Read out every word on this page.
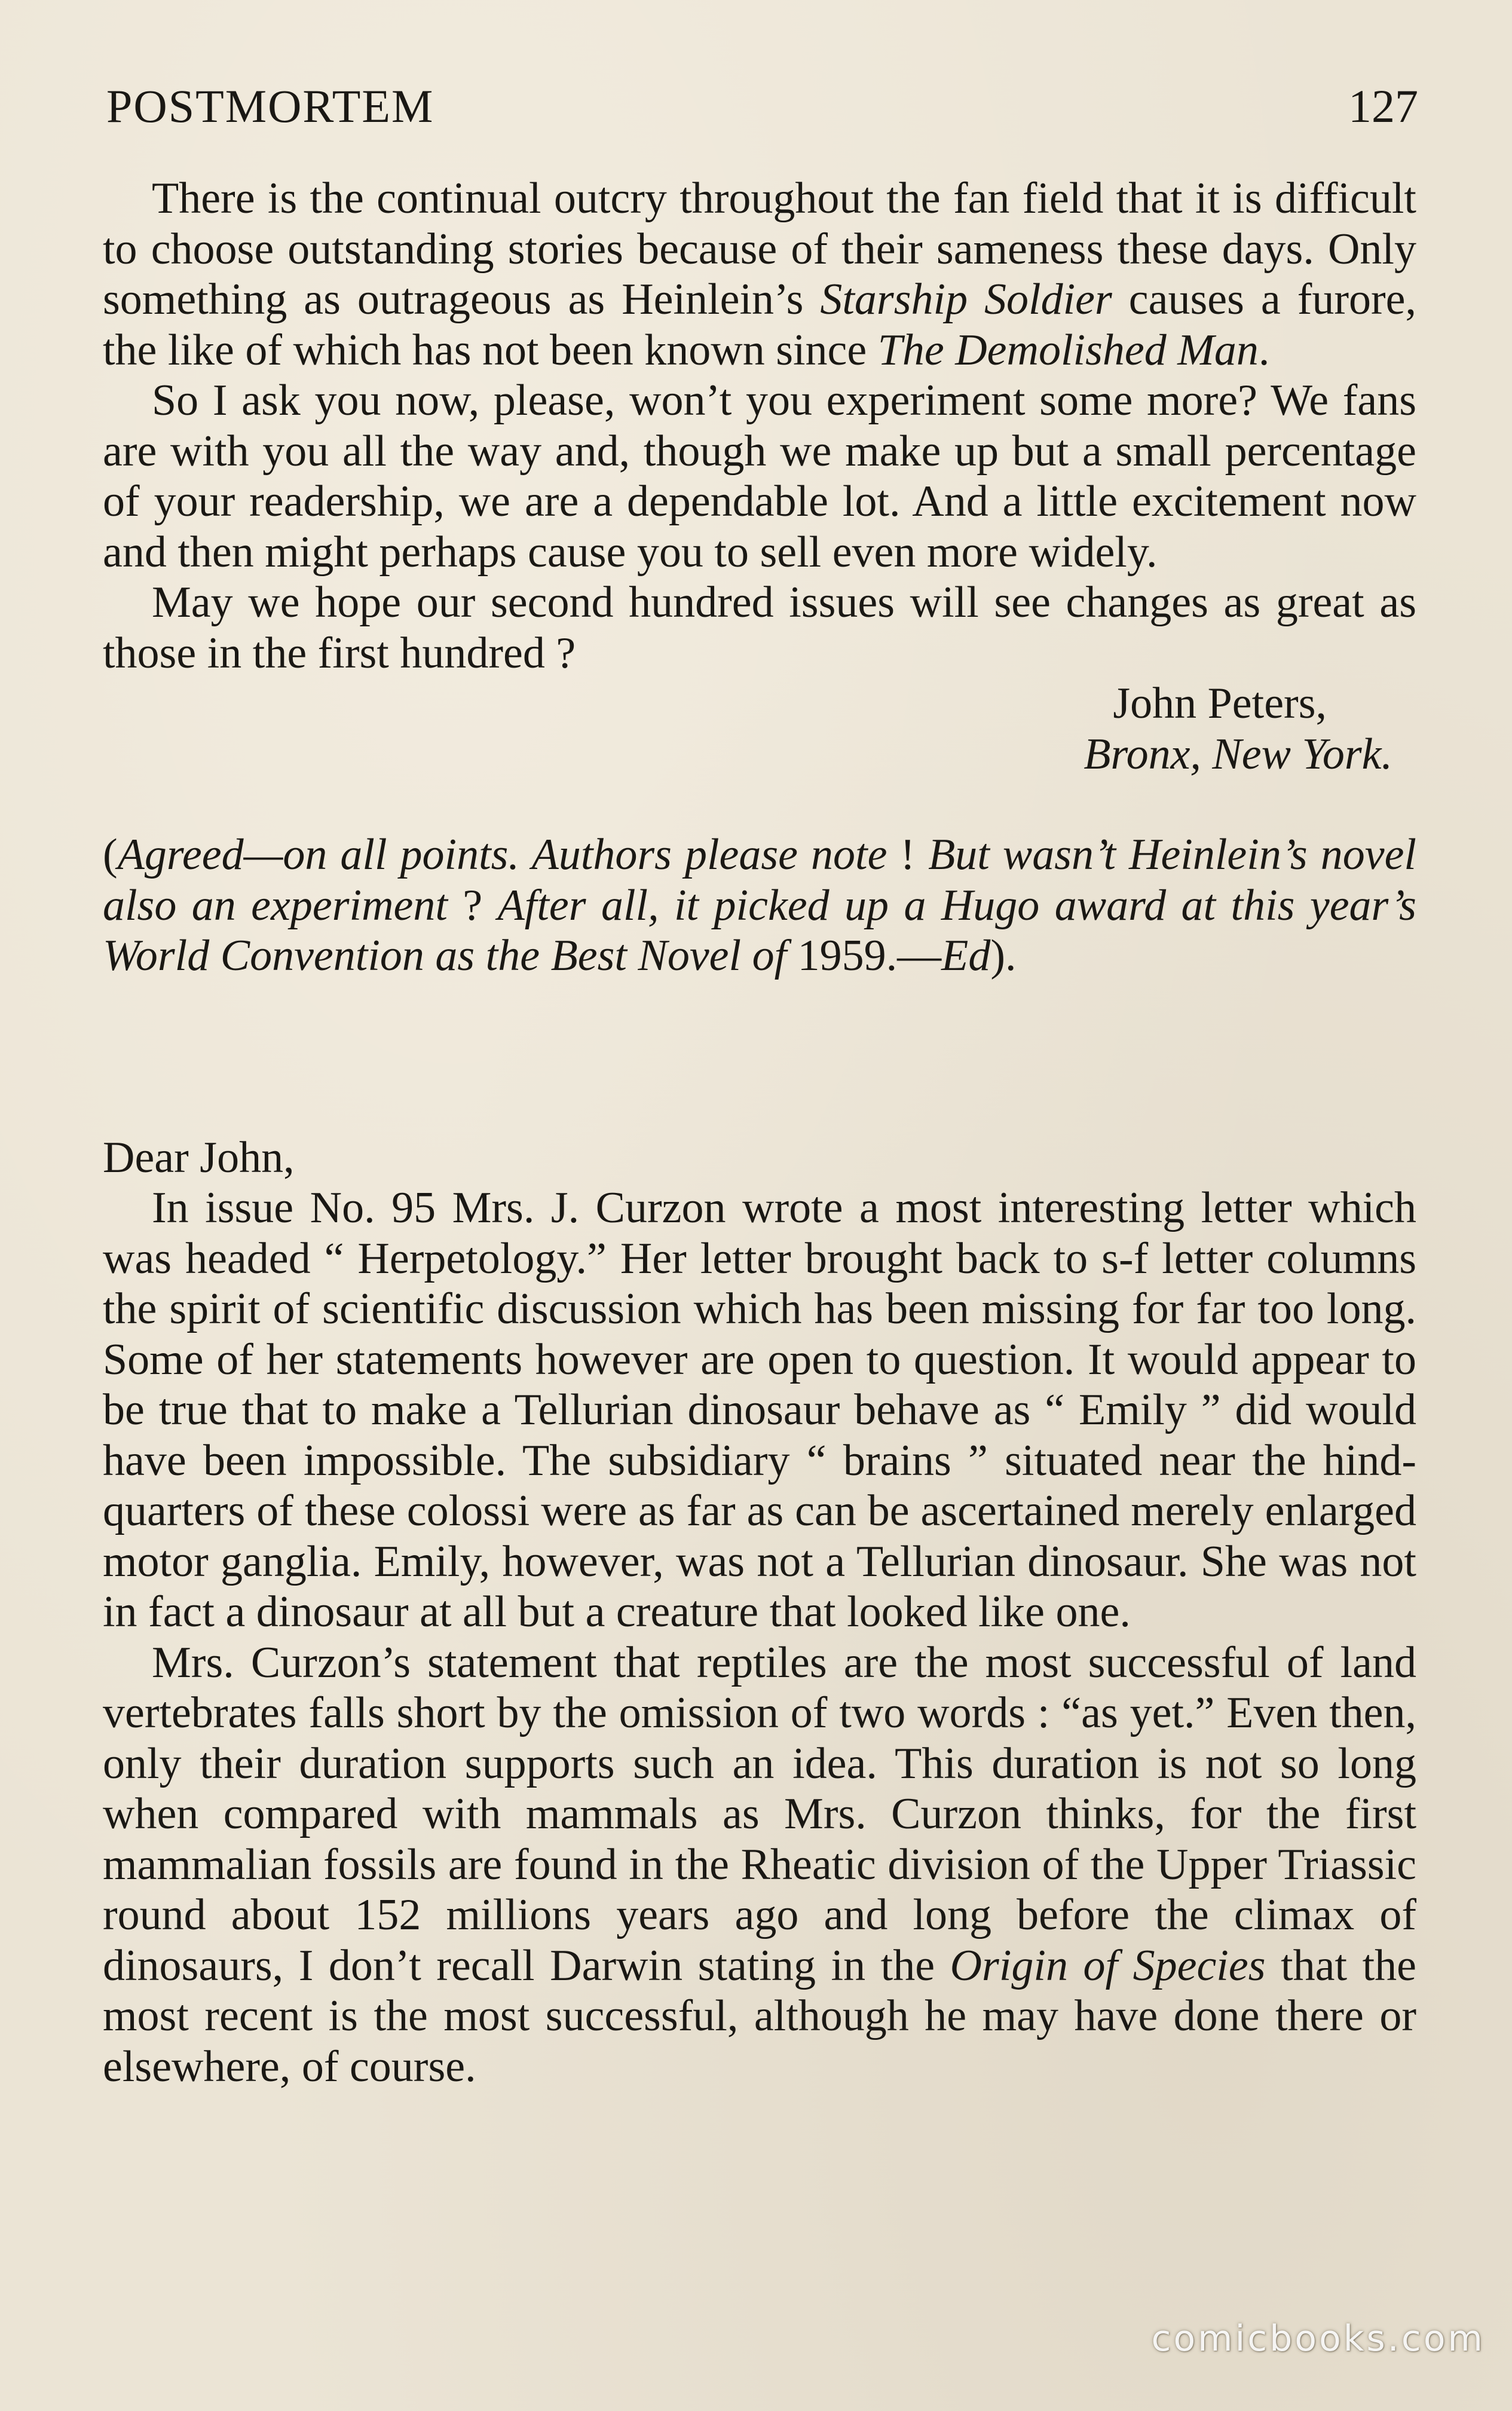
POSTMORTEM	127

There is the continual outcry throughout the fan field that it is difficult to choose outstanding stories because of their sameness these days. Only something as outrageous as Heinlein’s Starship Soldier causes a furore, the like of which has not been known since The Demolished Man.

So I ask you now, please, won’t you experiment some more? We fans are with you all the way and, though we make up but a small percentage of your readership, we are a dependable lot. And a little excitement now and then might perhaps cause you to sell even more widely.

May we hope our second hundred issues will see changes as great as those in the first hundred ?

John Peters,
Bronx, New York.

(Agreed—on all points. Authors please note ! But wasn’t Heinlein’s novel also an experiment ? After all, it picked up a Hugo award at this year’s World Convention as the Best Novel of 1959.—Ed).

Dear John,

In issue No. 95 Mrs. J. Curzon wrote a most interesting letter which was headed “ Herpetology.” Her letter brought back to s-f letter columns the spirit of scientific discussion which has been missing for far too long. Some of her statements however are open to question. It would appear to be true that to make a Tellurian dinosaur behave as “ Emily ” did would have been impossible. The subsidiary “ brains ” situated near the hind-quarters of these colossi were as far as can be ascertained merely enlarged motor ganglia. Emily, however, was not a Tellurian dinosaur. She was not in fact a dinosaur at all but a creature that looked like one.

Mrs. Curzon’s statement that reptiles are the most successful of land vertebrates falls short by the omission of two words : “as yet.” Even then, only their duration supports such an idea. This duration is not so long when compared with mammals as Mrs. Curzon thinks, for the first mammalian fossils are found in the Rheatic division of the Upper Triassic round about 152 millions years ago and long before the climax of dinosaurs, I don’t recall Darwin stating in the Origin of Species that the most recent is the most successful, although he may have done there or elsewhere, of course.

comicbooks.com
